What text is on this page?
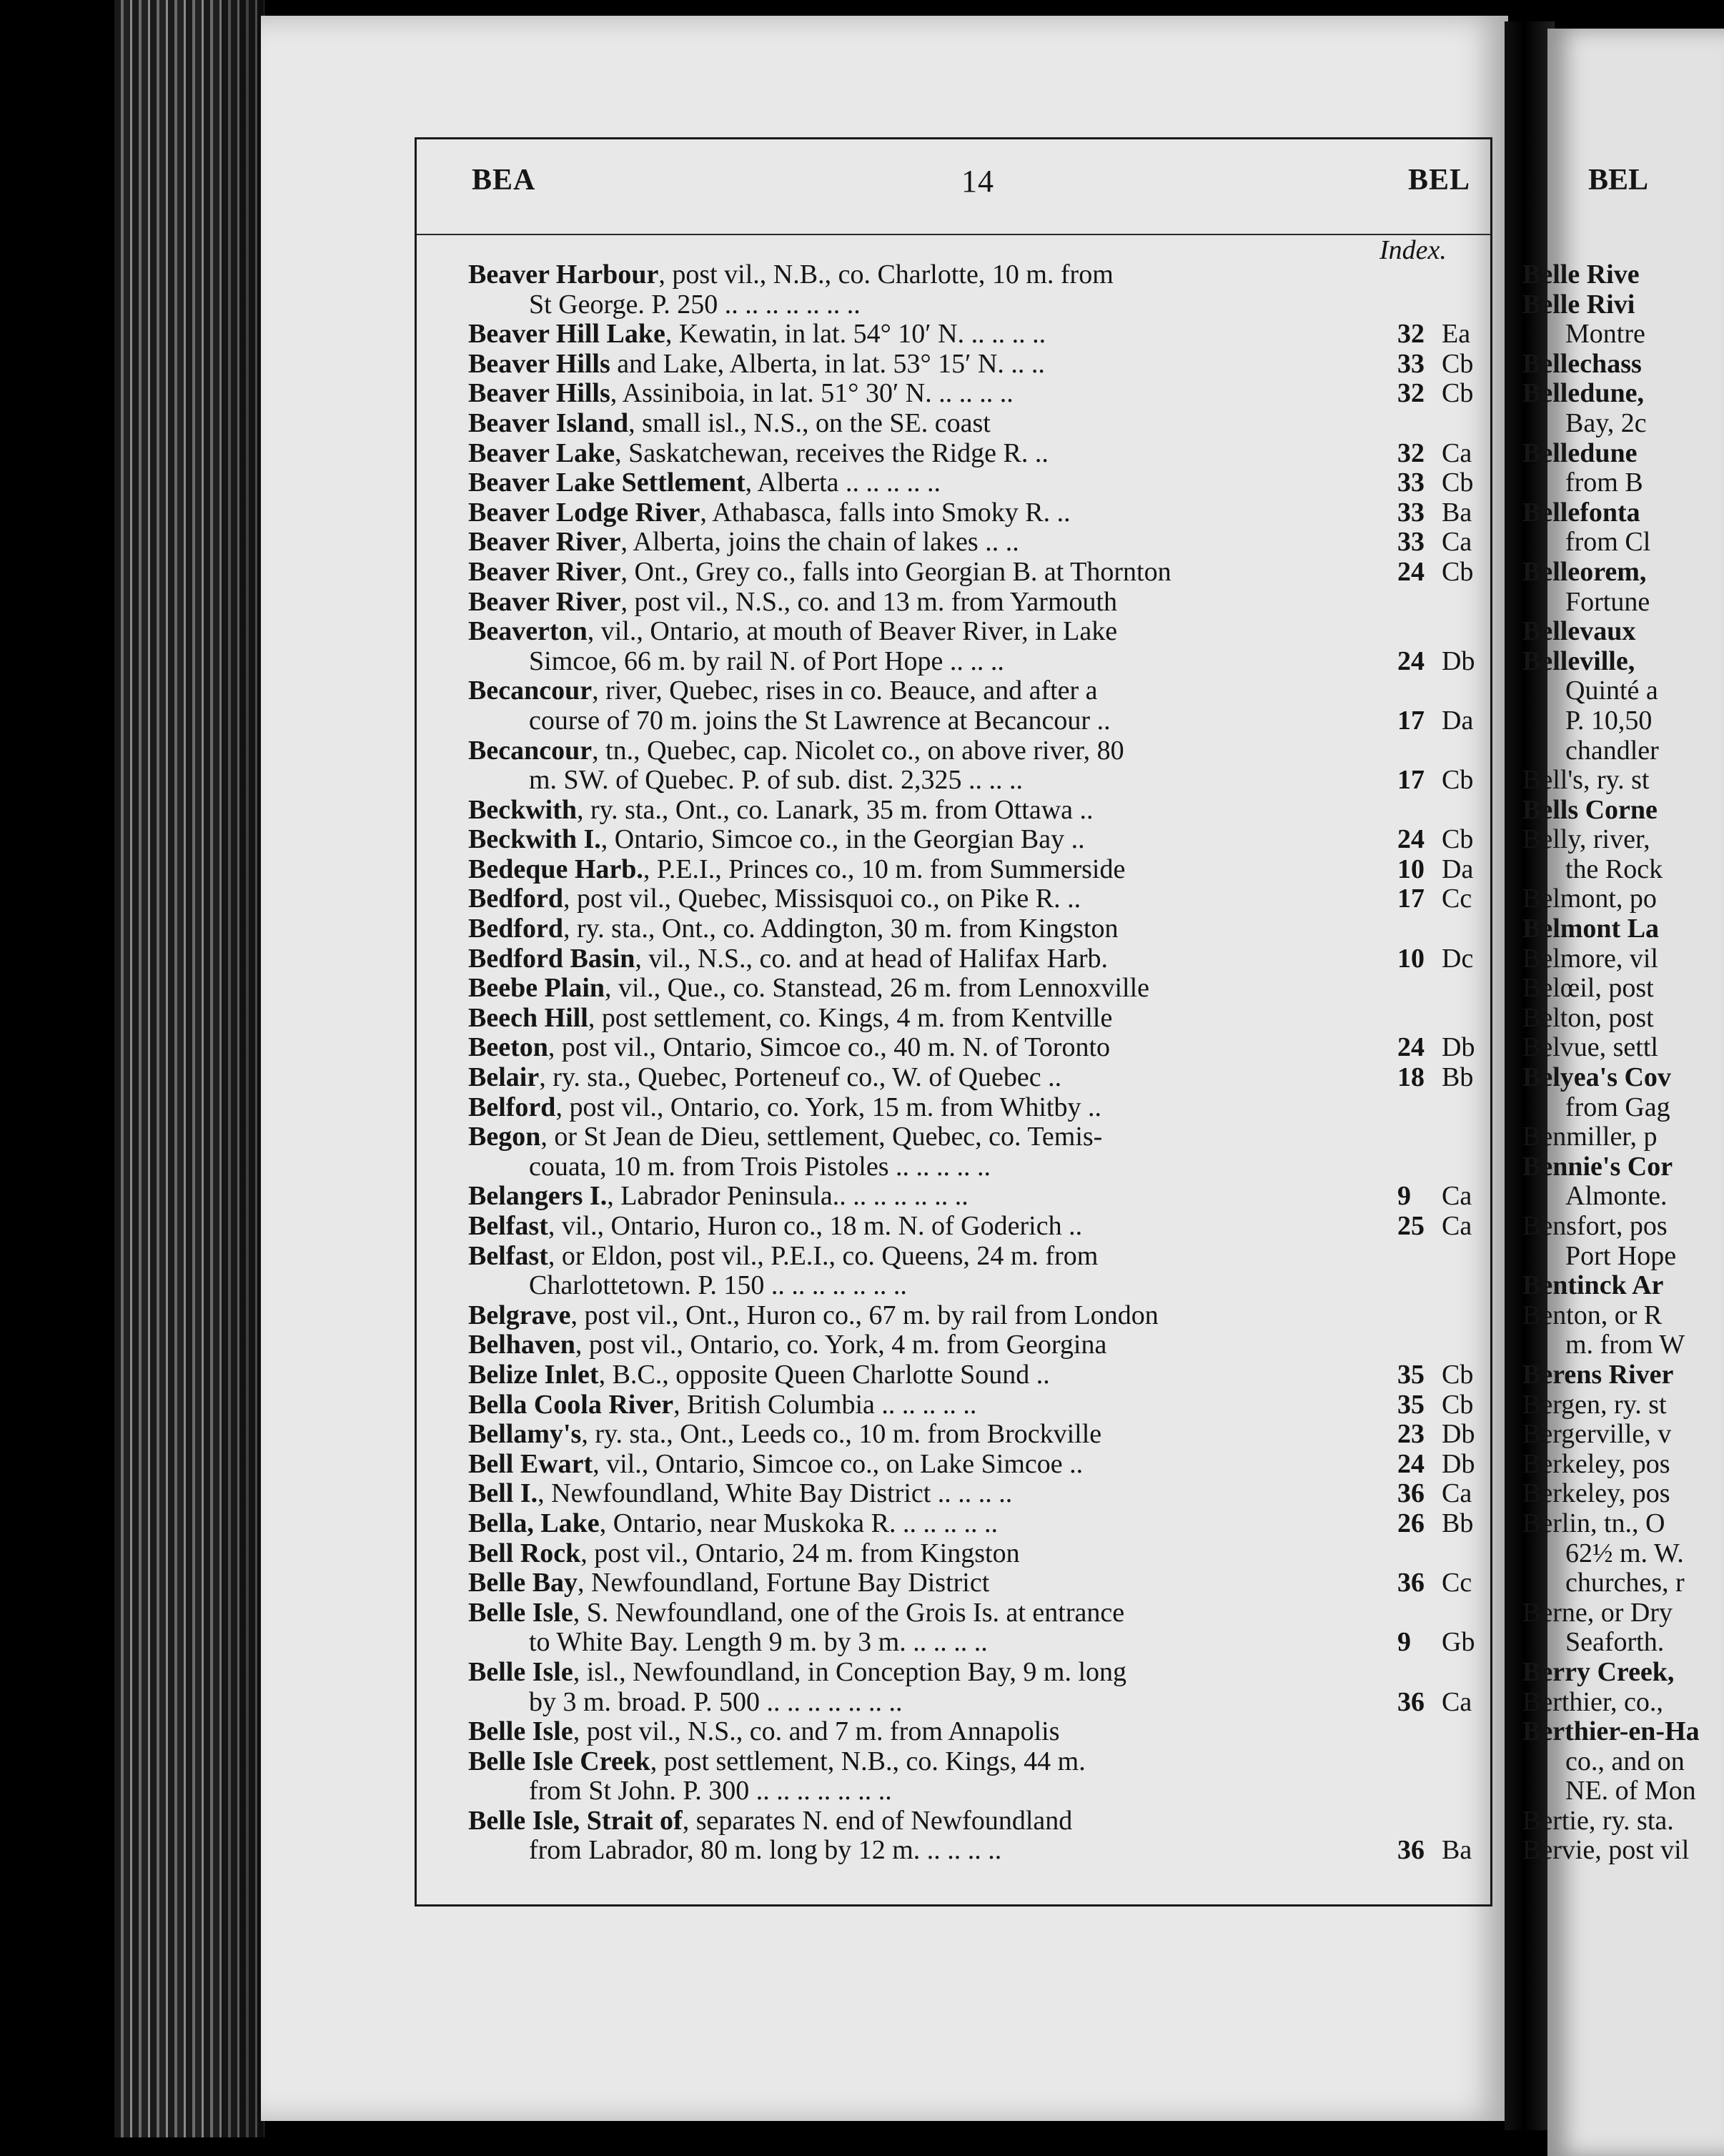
BEA	14	BEL
Index.
Beaver Harbour, post vil., N.B., co. Charlotte, 10 m. from
St George. P. 250 .. .. .. .. .. .. ..
Beaver Hill Lake, Kewatin, in lat. 54° 10′ N. .. .. .. ..	32 Ea
Beaver Hills and Lake, Alberta, in lat. 53° 15′ N. .. ..	33 Cb
Beaver Hills, Assiniboia, in lat. 51° 30′ N. .. .. .. ..	32 Cb
Beaver Island, small isl., N.S., on the SE. coast
Beaver Lake, Saskatchewan, receives the Ridge R. ..	32 Ca
Beaver Lake Settlement, Alberta .. .. .. .. ..	33 Cb
Beaver Lodge River, Athabasca, falls into Smoky R. ..	33 Ba
Beaver River, Alberta, joins the chain of lakes .. ..	33 Ca
Beaver River, Ont., Grey co., falls into Georgian B. at Thornton	24 Cb
Beaver River, post vil., N.S., co. and 13 m. from Yarmouth
Beaverton, vil., Ontario, at mouth of Beaver River, in Lake
Simcoe, 66 m. by rail N. of Port Hope .. .. ..	24 Db
Becancour, river, Quebec, rises in co. Beauce, and after a
course of 70 m. joins the St Lawrence at Becancour ..	17 Da
Becancour, tn., Quebec, cap. Nicolet co., on above river, 80
m. SW. of Quebec. P. of sub. dist. 2,325 .. .. ..	17 Cb
Beckwith, ry. sta., Ont., co. Lanark, 35 m. from Ottawa ..
Beckwith I., Ontario, Simcoe co., in the Georgian Bay ..	24 Cb
Bedeque Harb., P.E.I., Princes co., 10 m. from Summerside	10 Da
Bedford, post vil., Quebec, Missisquoi co., on Pike R. ..	17 Cc
Bedford, ry. sta., Ont., co. Addington, 30 m. from Kingston
Bedford Basin, vil., N.S., co. and at head of Halifax Harb.	10 Dc
Beebe Plain, vil., Que., co. Stanstead, 26 m. from Lennoxville
Beech Hill, post settlement, co. Kings, 4 m. from Kentville
Beeton, post vil., Ontario, Simcoe co., 40 m. N. of Toronto	24 Db
Belair, ry. sta., Quebec, Porteneuf co., W. of Quebec ..	18 Bb
Belford, post vil., Ontario, co. York, 15 m. from Whitby ..
Begon, or St Jean de Dieu, settlement, Quebec, co. Temis-
couata, 10 m. from Trois Pistoles .. .. .. .. ..
Belangers I., Labrador Peninsula.. .. .. .. .. .. ..	9 Ca
Belfast, vil., Ontario, Huron co., 18 m. N. of Goderich ..	25 Ca
Belfast, or Eldon, post vil., P.E.I., co. Queens, 24 m. from
Charlottetown. P. 150 .. .. .. .. .. .. ..
Belgrave, post vil., Ont., Huron co., 67 m. by rail from London
Belhaven, post vil., Ontario, co. York, 4 m. from Georgina
Belize Inlet, B.C., opposite Queen Charlotte Sound ..	35 Cb
Bella Coola River, British Columbia .. .. .. .. ..	35 Cb
Bellamy's, ry. sta., Ont., Leeds co., 10 m. from Brockville	23 Db
Bell Ewart, vil., Ontario, Simcoe co., on Lake Simcoe ..	24 Db
Bell I., Newfoundland, White Bay District .. .. .. ..	36 Ca
Bella, Lake, Ontario, near Muskoka R. .. .. .. .. ..	26 Bb
Bell Rock, post vil., Ontario, 24 m. from Kingston
Belle Bay, Newfoundland, Fortune Bay District	36 Cc
Belle Isle, S. Newfoundland, one of the Grois Is. at entrance
to White Bay. Length 9 m. by 3 m. .. .. .. ..	9 Gb
Belle Isle, isl., Newfoundland, in Conception Bay, 9 m. long
by 3 m. broad. P. 500 .. .. .. .. .. .. ..	36 Ca
Belle Isle, post vil., N.S., co. and 7 m. from Annapolis
Belle Isle Creek, post settlement, N.B., co. Kings, 44 m.
from St John. P. 300 .. .. .. .. .. .. ..
Belle Isle, Strait of, separates N. end of Newfoundland
from Labrador, 80 m. long by 12 m. .. .. .. ..	36 Ba
BEL
Belle Rive
Belle Rivi
Montre
Bellechass
Belledune,
Bay, 2c
Belledune
from B
Bellefonta
from Cl
Belleorem,
Fortune
Bellevaux
Belleville,
Quinté a
P. 10,50
chandler
Bell's, ry. st
Bells Corne
Belly, river,
the Rock
Belmont, po
Belmont La
Belmore, vil
Belœil, post
Belton, post
Belvue, settl
Belyea's Cov
from Gag
Benmiller, p
Bennie's Cor
Almonte.
Bensfort, pos
Port Hope
Bentinck Ar
Benton, or R
m. from W
Berens River
Bergen, ry. st
Bergerville, v
Berkeley, pos
Berkeley, pos
Berlin, tn., O
62½ m. W.
churches, r
Berne, or Dry
Seaforth.
Berry Creek,
Berthier, co.,
Berthier-en-Ha
co., and on
NE. of Mon
Bertie, ry. sta.
Bervie, post vil
